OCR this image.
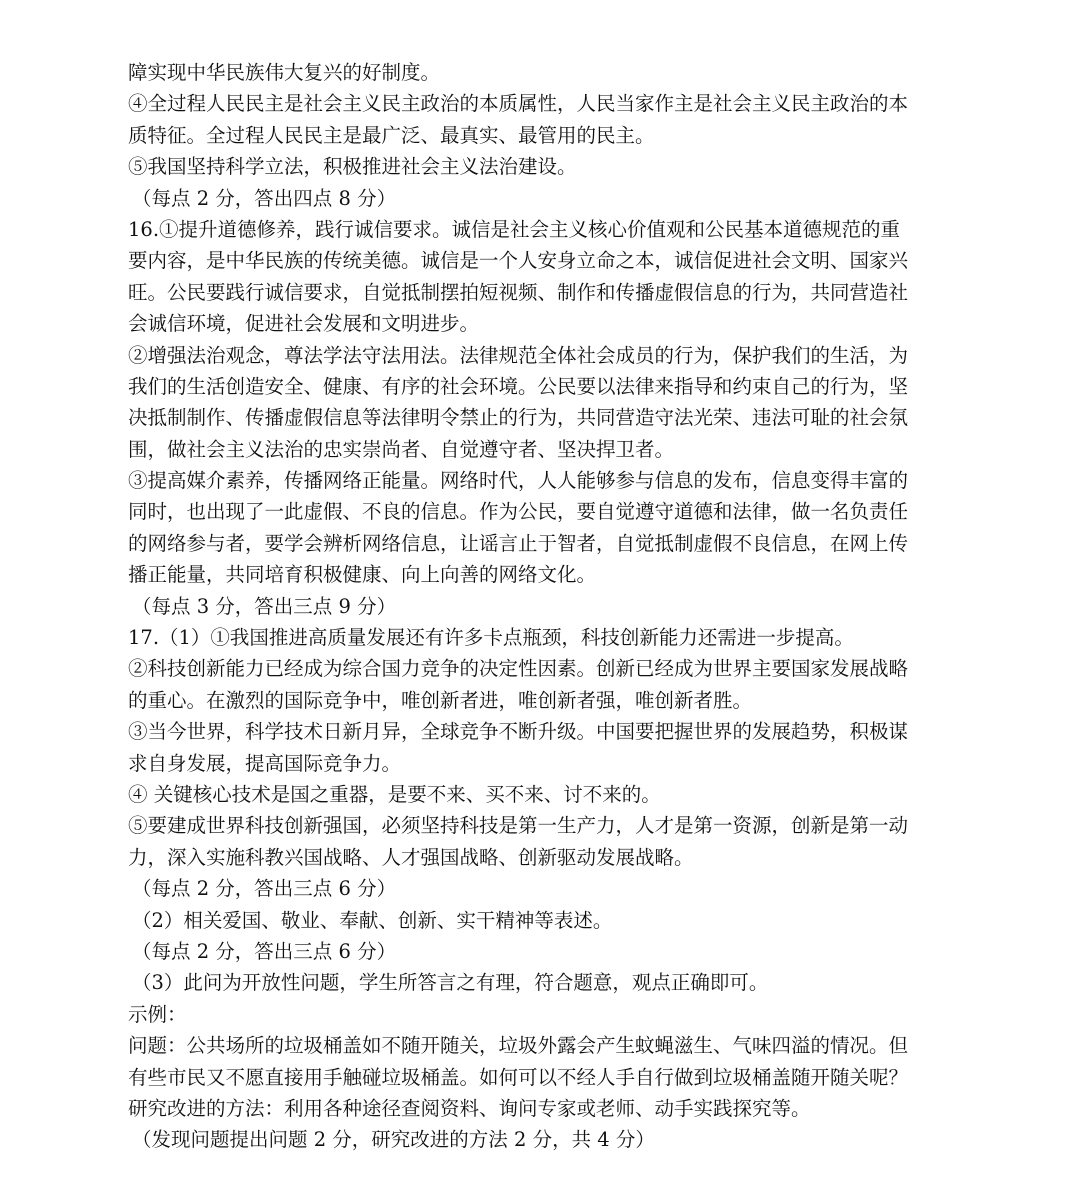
障实现中华民族伟大复兴的好制度。
④全过程人民民主是社会主义民主政治的本质属性，人民当家作主是社会主义民主政治的本
质特征。全过程人民民主是最广泛、最真实、最管用的民主。
⑤我国坚持科学立法，积极推进社会主义法治建设。
（每点 2 分，答出四点 8 分）
16.①提升道德修养，践行诚信要求。诚信是社会主义核心价值观和公民基本道德规范的重
要内容，是中华民族的传统美德。诚信是一个人安身立命之本，诚信促进社会文明、国家兴
旺。公民要践行诚信要求，自觉抵制摆拍短视频、制作和传播虚假信息的行为，共同营造社
会诚信环境，促进社会发展和文明进步。
②增强法治观念，尊法学法守法用法。法律规范全体社会成员的行为，保护我们的生活，为
我们的生活创造安全、健康、有序的社会环境。公民要以法律来指导和约束自己的行为，坚
决抵制制作、传播虚假信息等法律明令禁止的行为，共同营造守法光荣、违法可耻的社会氛
围，做社会主义法治的忠实崇尚者、自觉遵守者、坚决捍卫者。
③提高媒介素养，传播网络正能量。网络时代，人人能够参与信息的发布，信息变得丰富的
同时，也出现了一此虚假、不良的信息。作为公民，要自觉遵守道德和法律，做一名负责任
的网络参与者，要学会辨析网络信息，让谣言止于智者，自觉抵制虚假不良信息，在网上传
播正能量，共同培育积极健康、向上向善的网络文化。
（每点 3 分，答出三点 9 分）
17.（1）①我国推进高质量发展还有许多卡点瓶颈，科技创新能力还需进一步提高。
②科技创新能力已经成为综合国力竞争的决定性因素。创新已经成为世界主要国家发展战略
的重心。在激烈的国际竞争中，唯创新者进，唯创新者强，唯创新者胜。
③当今世界，科学技术日新月异，全球竞争不断升级。中国要把握世界的发展趋势，积极谋
求自身发展，提高国际竞争力。
④ 关键核心技术是国之重器，是要不来、买不来、讨不来的。
⑤要建成世界科技创新强国，必须坚持科技是第一生产力，人才是第一资源，创新是第一动
力，深入实施科教兴国战略、人才强国战略、创新驱动发展战略。
（每点 2 分，答出三点 6 分）
（2）相关爱国、敬业、奉献、创新、实干精神等表述。
（每点 2 分，答出三点 6 分）
（3）此问为开放性问题，学生所答言之有理，符合题意，观点正确即可。
示例：
问题：公共场所的垃圾桶盖如不随开随关，垃圾外露会产生蚊蝇滋生、气味四溢的情况。但
有些市民又不愿直接用手触碰垃圾桶盖。如何可以不经人手自行做到垃圾桶盖随开随关呢？
研究改进的方法：利用各种途径查阅资料、询问专家或老师、动手实践探究等。
（发现问题提出问题 2 分，研究改进的方法 2 分，共 4 分）
